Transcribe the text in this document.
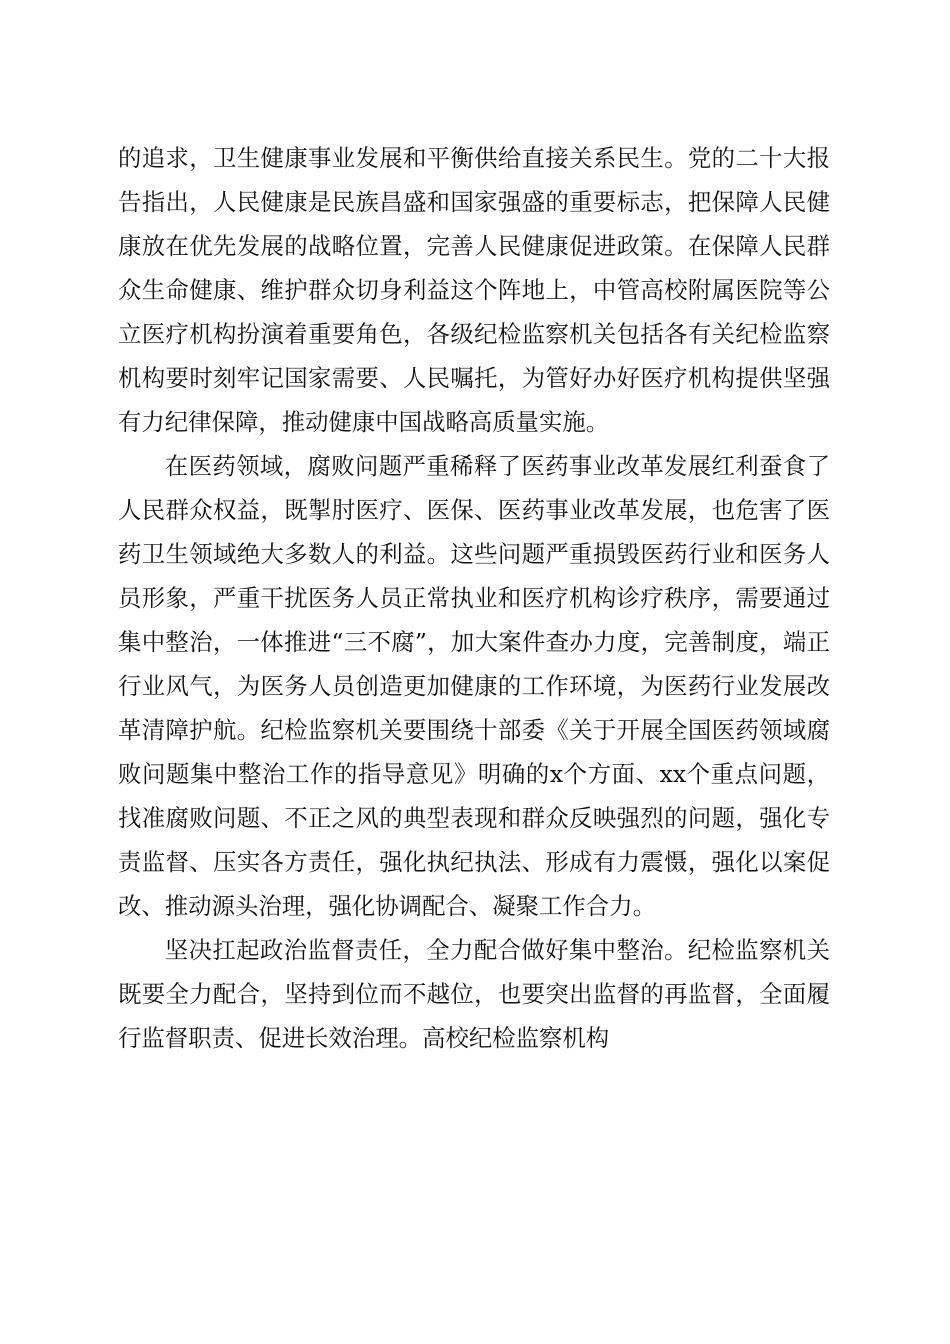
的追求，卫生健康事业发展和平衡供给直接关系民生。党的二十大报告指出，人民健康是民族昌盛和国家强盛的重要标志，把保障人民健康放在优先发展的战略位置，完善人民健康促进政策。在保障人民群众生命健康、维护群众切身利益这个阵地上，中管高校附属医院等公立医疗机构扮演着重要角色，各级纪检监察机关包括各有关纪检监察机构要时刻牢记国家需要、人民嘱托，为管好办好医疗机构提供坚强有力纪律保障，推动健康中国战略高质量实施。

在医药领域，腐败问题严重稀释了医药事业改革发展红利蚕食了人民群众权益，既掣肘医疗、医保、医药事业改革发展，也危害了医药卫生领域绝大多数人的利益。这些问题严重损毁医药行业和医务人员形象，严重干扰医务人员正常执业和医疗机构诊疗秩序，需要通过集中整治，一体推进“三不腐”，加大案件查办力度，完善制度，端正行业风气，为医务人员创造更加健康的工作环境，为医药行业发展改革清障护航。纪检监察机关要围绕十部委《关于开展全国医药领域腐败问题集中整治工作的指导意见》明确的x个方面、xx个重点问题，找准腐败问题、不正之风的典型表现和群众反映强烈的问题，强化专责监督、压实各方责任，强化执纪执法、形成有力震慑，强化以案促改、推动源头治理，强化协调配合、凝聚工作合力。

坚决扛起政治监督责任，全力配合做好集中整治。纪检监察机关既要全力配合，坚持到位而不越位，也要突出监督的再监督，全面履行监督职责、促进长效治理。高校纪检监察机构
